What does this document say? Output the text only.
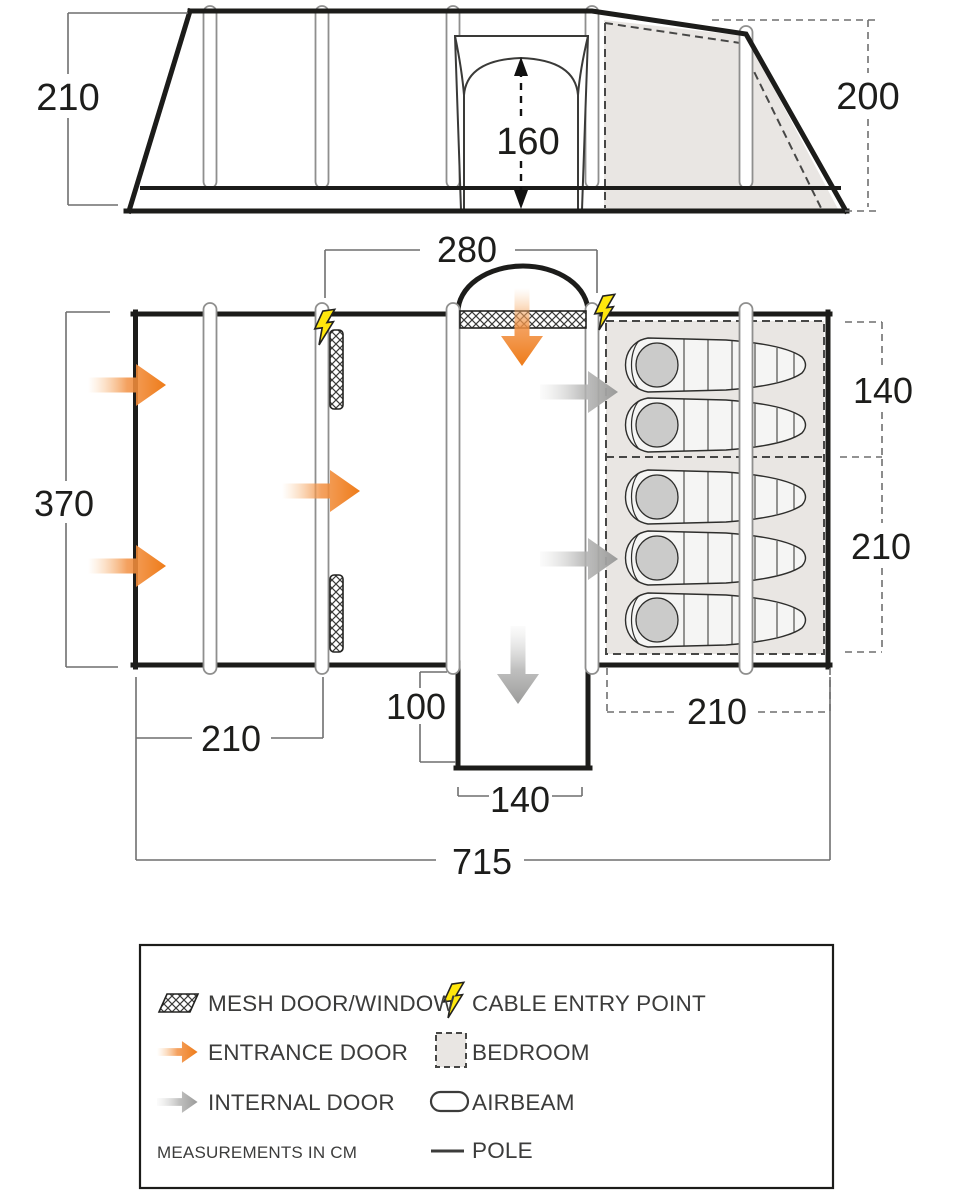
160
210	200
280
370
210
100
140
715
140
210
210
MESH DOOR/WINDOW
ENTRANCE DOOR
INTERNAL DOOR
MEASUREMENTS IN CM
CABLE ENTRY POINT
BEDROOM
AIRBEAM
POLE
